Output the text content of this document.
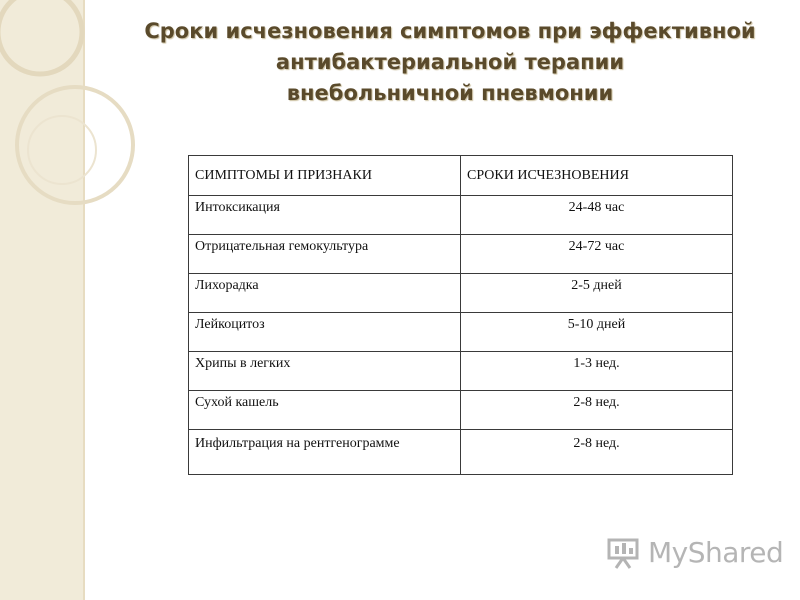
Сроки исчезновения симптомов при эффективной
антибактериальной терапии
внебольничной пневмонии
СИМПТОМЫ И ПРИЗНАКИ	СРОКИ ИСЧЕЗНОВЕНИЯ
Интоксикация	24-48 час
Отрицательная гемокультура	24-72 час
Лихорадка	2-5 дней
Лейкоцитоз	5-10 дней
Хрипы в легких	1-3 нед.
Сухой кашель	2-8 нед.
Инфильтрация на рентгенограмме	2-8 нед.
MyShared
